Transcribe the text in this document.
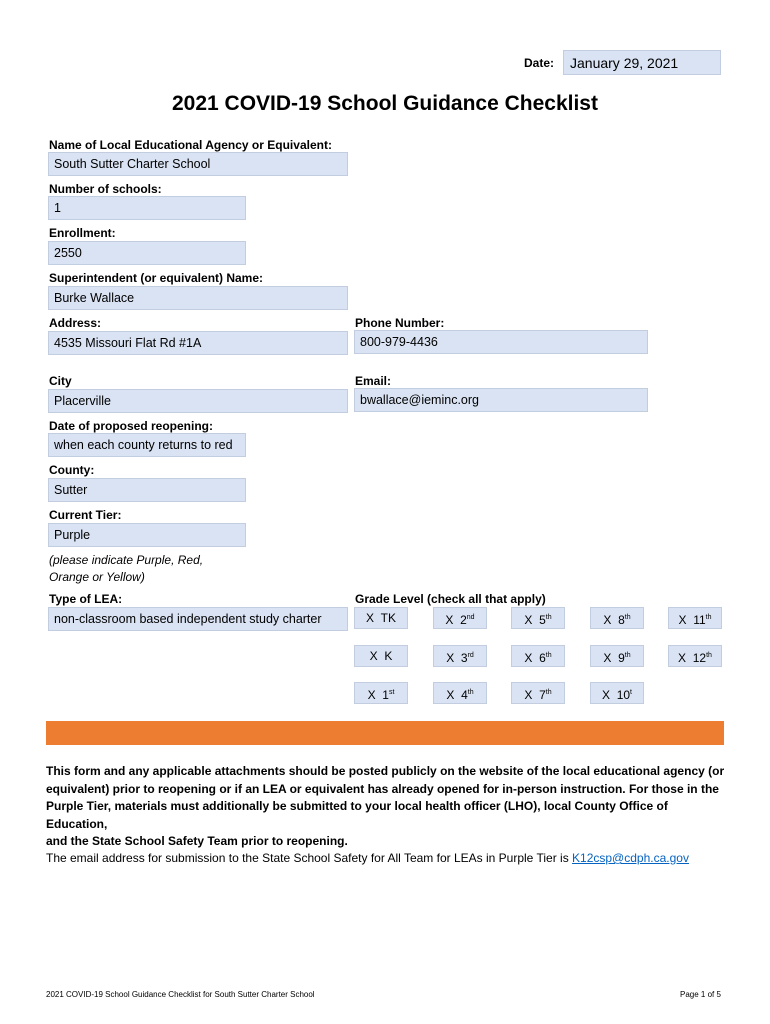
Date:	January 29, 2021
2021 COVID-19 School Guidance Checklist
Name of Local Educational Agency or Equivalent:
South Sutter Charter School
Number of schools:
1
Enrollment:
2550
Superintendent (or equivalent) Name:
Burke Wallace
Address:
4535 Missouri Flat Rd #1A
Phone Number:
800-979-4436
City
Placerville
Email:
bwallace@ieminc.org
Date of proposed reopening:
when each county returns to red
County:
Sutter
Current Tier:
Purple
(please indicate Purple, Red,
Orange or Yellow)
Type of LEA:
non-classroom based independent study charter
Grade Level (check all that apply)
X TK	X 2nd	X 5th	X 8th	X 11th
X K	X 3rd	X 6th	X 9th	X 12th
X 1st	X 4th	X 7th	X 10$^t$
This form and any applicable attachments should be posted publicly on the website of the local educational agency (or
equivalent) prior to reopening or if an LEA or equivalent has already opened for in-person instruction. For those in the
Purple Tier, materials must additionally be submitted to your local health officer (LHO), local County Office of Education,
and the State School Safety Team prior to reopening.
The email address for submission to the State School Safety for All Team for LEAs in Purple Tier is K12csp@cdph.ca.gov
2021 COVID-19 School Guidance Checklist for South Sutter Charter School	Page 1 of 5
